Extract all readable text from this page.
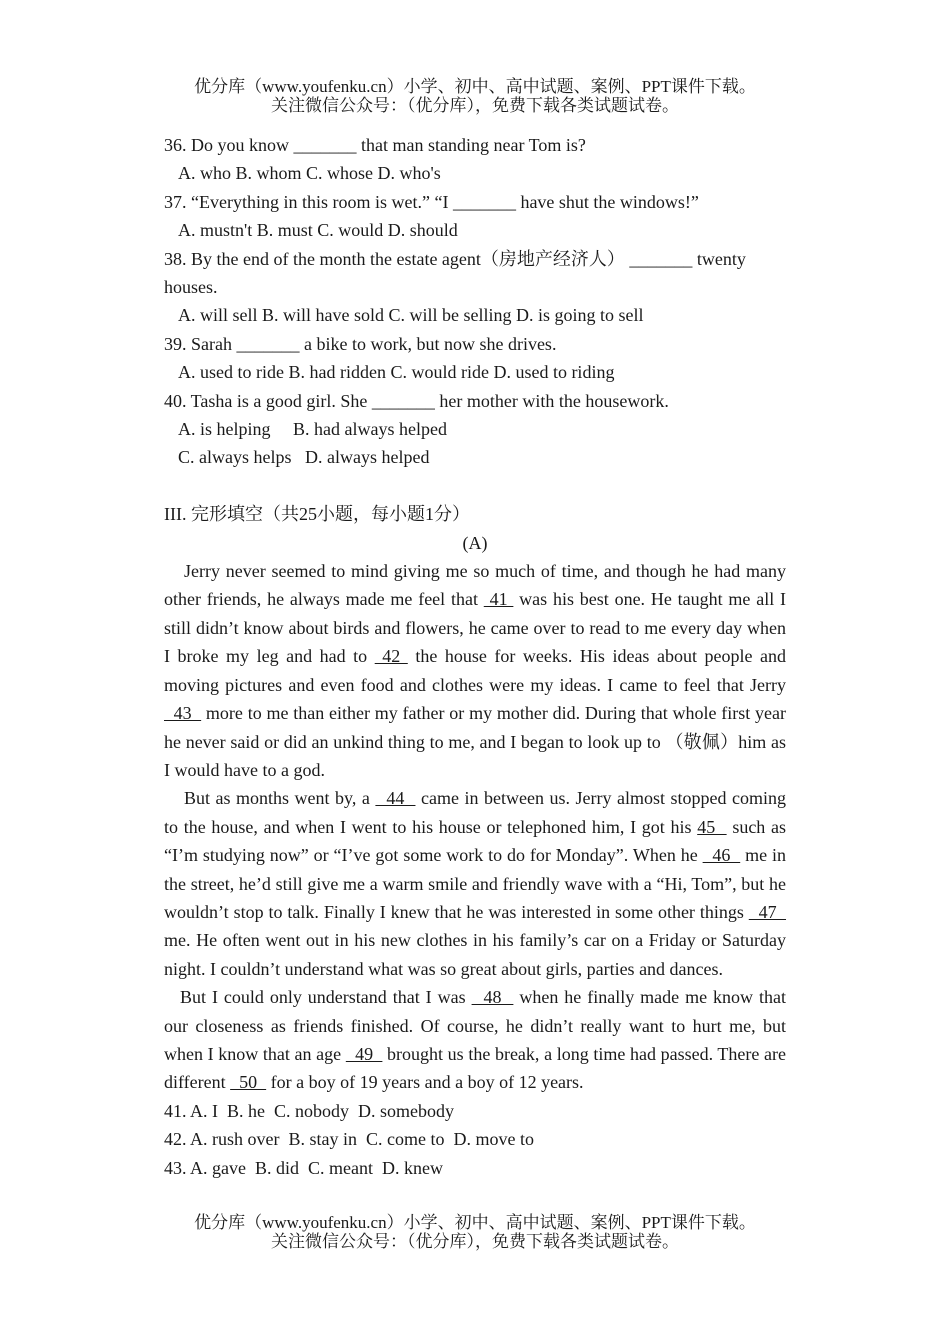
优分库（www.youfenku.cn）小学、初中、高中试题、案例、PPT课件下载。
关注微信公众号：（优分库），免费下载各类试题试卷。
36. Do you know _______ that man standing near Tom is?
A. who B. whom C. whose D. who's
37. “Everything in this room is wet.” “I _______ have shut the windows!”
A. mustn't B. must C. would D. should
38. By the end of the month the estate agent（房地产经济人） _______ twenty
houses.
A. will sell B. will have sold C. will be selling D. is going to sell
39. Sarah _______ a bike to work, but now she drives.
A. used to ride B. had ridden C. would ride D. used to riding
40. Tasha is a good girl. She _______ her mother with the housework.
A. is helping     B. had always helped
C. always helps   D. always helped
III. 完形填空（共25小题，每小题1分）
(A)

Jerry never seemed to mind giving me so much of time, and though he had many other friends, he always made me feel that  41  was his best one. He taught me all I still didn’t know about birds and flowers, he came over to read to me every day when I broke my leg and had to  42  the house for weeks. His ideas about people and moving pictures and even food and clothes were my ideas. I came to feel that Jerry   43   more to me than either my father or my mother did. During that whole first year he never said or did an unkind thing to me, and I began to look up to （敬佩）him as I would have to a god.

But as months went by, a   44   came in between us. Jerry almost stopped coming to the house, and when I went to his house or telephoned him, I got his 45   such as “I’m studying now” or “I’ve got some work to do for Monday”. When he   46   me in the street, he’d still give me a warm smile and friendly wave with a “Hi, Tom”, but he wouldn’t stop to talk. Finally I knew that he was interested in some other things   47   me. He often went out in his new clothes in his family’s car on a Friday or Saturday night. I couldn’t understand what was so great about girls, parties and dances.

But I could only understand that I was   48   when he finally made me know that our closeness as friends finished. Of course, he didn’t really want to hurt me, but when I know that an age   49   brought us the break, a long time had passed. There are different   50   for a boy of 19 years and a boy of 12 years.

41. A. I  B. he  C. nobody  D. somebody
42. A. rush over  B. stay in  C. come to  D. move to
43. A. gave  B. did  C. meant  D. knew
优分库（www.youfenku.cn）小学、初中、高中试题、案例、PPT课件下载。
关注微信公众号：（优分库），免费下载各类试题试卷。
